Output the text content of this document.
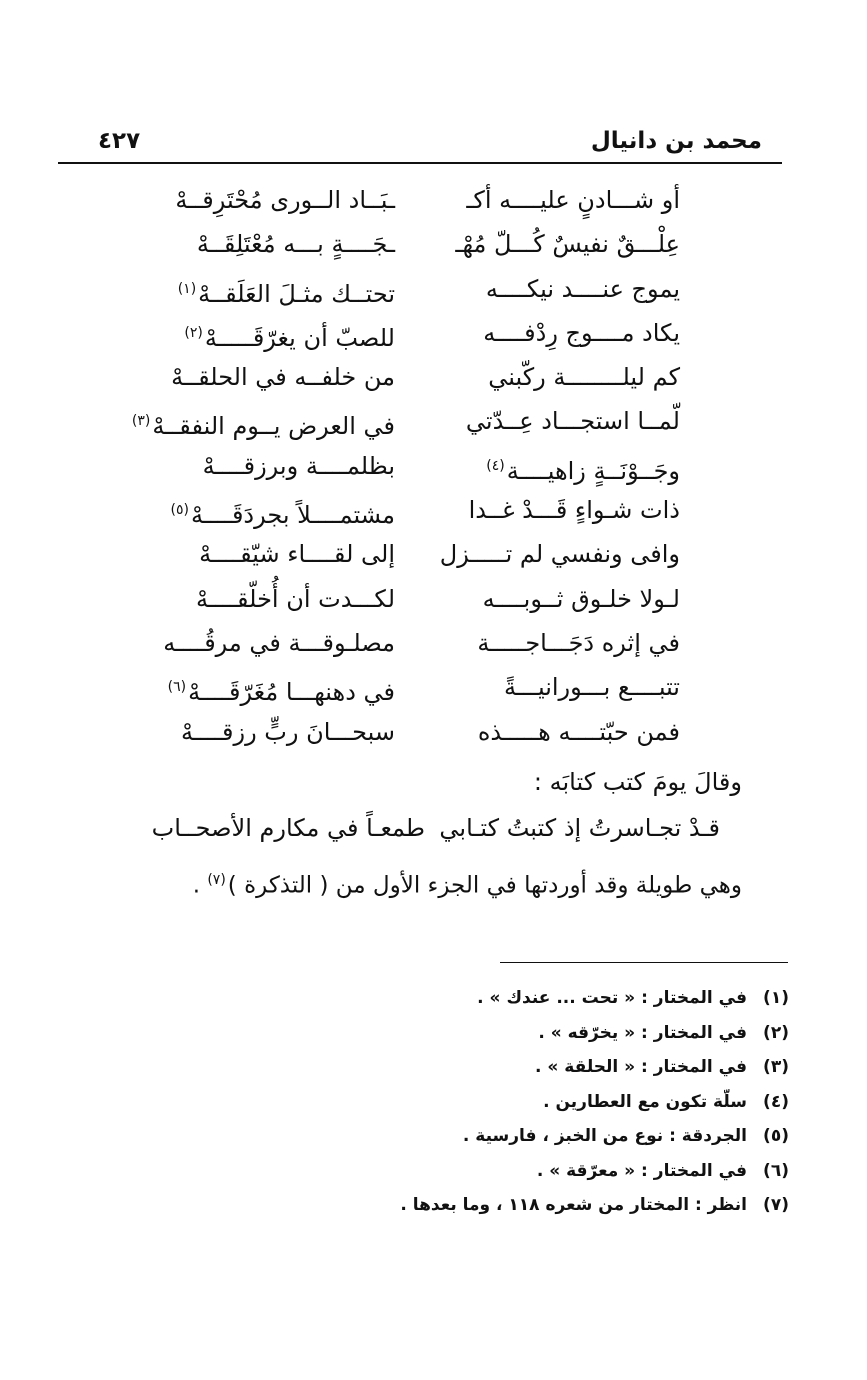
محمد بن دانيال
٤٢٧
أو شـــادنٍ عليــــه أكـ
ـبَــاد الــورى مُحْتَرِقــهْ
عِلْـــقٌ نفيسٌ كُـــلّ مُهْـ
ـجَــــةٍ بـــه مُعْتَلِقَــهْ
يموج عنــــد نيكــــه
تحتــك مثـلَ العَلَقــهْ$^{(١)}$
يكاد مــــوج رِدْفــــه
للصبّ أن يغرّقَـــــهْ$^{(٢)}$
كم ليلــــــــة ركّبني
من خلفــه في الحلقــهْ
لّمــا استجـــاد عِــدّتي
في العرض يــوم النفقــهْ$^{(٣)}$
وجَــوْنَــةٍ زاهيــــة$^{(٤)}$
بظلمــــة وبرزقــــهْ
ذات شـواءٍ قَـــدْ غــدا
مشتمــــلاً بجردَقَــــهْ$^{(٥)}$
وافى ونفسي لم تـــــزل
إلى لقــــاء شيّقــــهْ
لـولا خلـوق ثــوبــــه
لكـــدت أن أُخلّقــــهْ
في إثره دَجَـــاجـــــة
مصلـوقـــة في مرقُــــه
تتبــــع بـــورانيـــةً
في دهنهـــا مُغَرّقَــــهْ$^{(٦)}$
فمن حبّتــــه هـــــذه
سبحـــانَ ربٍّ رزقــــهْ
وقالَ يومَ كتب كتابَه :
قـدْ تجـاسرتُ إذ كتبتُ كتـابي
طمعـاً في مكارم الأصحــاب
وهي طويلة وقد أوردتها في الجزء الأول من ( التذكرة )$^{(٧)}$ .
(١)
في المختار : « تحت ... عندك » .
(٢)
في المختار : « يخرّقه » .
(٣)
في المختار : « الحلقة » .
(٤)
سلّة تكون مع العطارين .
(٥)
الجردقة : نوع من الخبز ، فارسية .
(٦)
في المختار : « معرّقة » .
(٧)
انظر : المختار من شعره ١١٨ ، وما بعدها .
